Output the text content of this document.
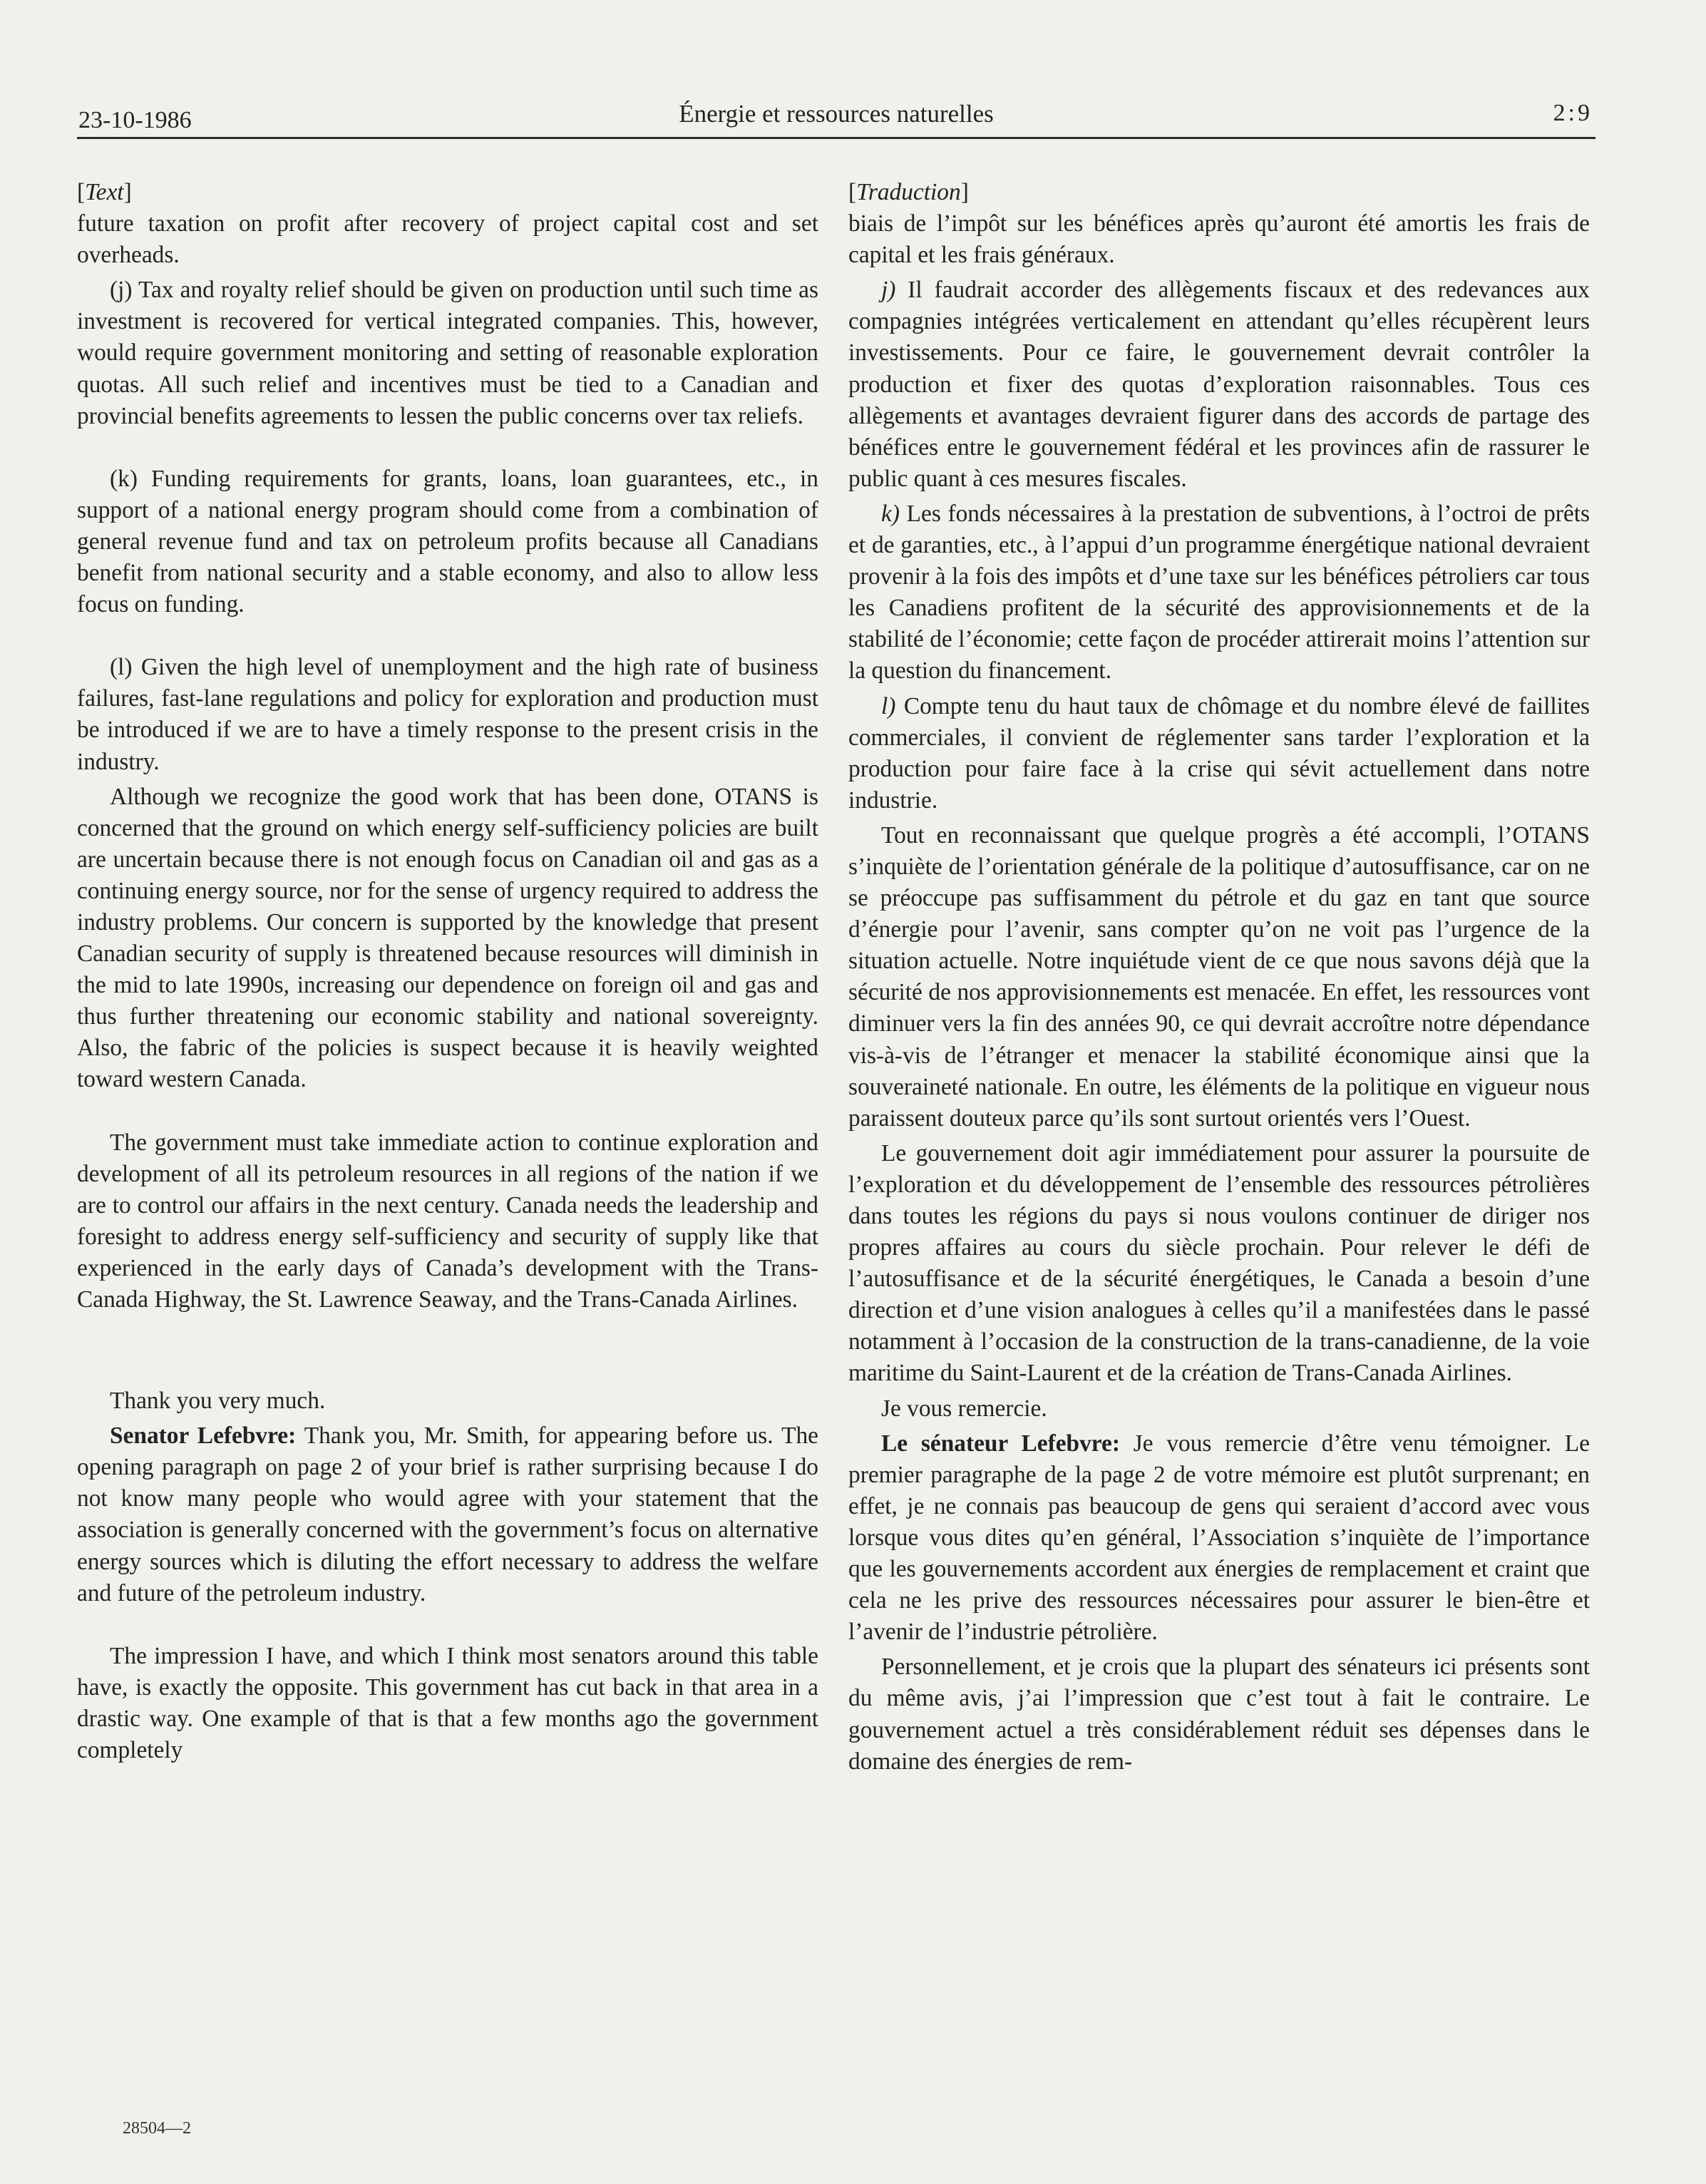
23-10-1986	Énergie et ressources naturelles	2:9

[Text]

future taxation on profit after recovery of project capital cost and set overheads.

(j) Tax and royalty relief should be given on production until such time as investment is recovered for vertical integrated companies. This, however, would require government monitoring and setting of reasonable exploration quotas. All such relief and incentives must be tied to a Canadian and provincial benefits agreements to lessen the public concerns over tax reliefs.

(k) Funding requirements for grants, loans, loan guarantees, etc., in support of a national energy program should come from a combination of general revenue fund and tax on petroleum profits because all Canadians benefit from national security and a stable economy, and also to allow less focus on funding.

(l) Given the high level of unemployment and the high rate of business failures, fast-lane regulations and policy for exploration and production must be introduced if we are to have a timely response to the present crisis in the industry.

Although we recognize the good work that has been done, OTANS is concerned that the ground on which energy self-sufficiency policies are built are uncertain because there is not enough focus on Canadian oil and gas as a continuing energy source, nor for the sense of urgency required to address the industry problems. Our concern is supported by the knowledge that present Canadian security of supply is threatened because resources will diminish in the mid to late 1990s, increasing our dependence on foreign oil and gas and thus further threatening our economic stability and national sovereignty. Also, the fabric of the policies is suspect because it is heavily weighted toward western Canada.

The government must take immediate action to continue exploration and development of all its petroleum resources in all regions of the nation if we are to control our affairs in the next century. Canada needs the leadership and foresight to address energy self-sufficiency and security of supply like that experienced in the early days of Canada’s development with the Trans-Canada Highway, the St. Lawrence Seaway, and the Trans-Canada Airlines.

Thank you very much.

Senator Lefebvre: Thank you, Mr. Smith, for appearing before us. The opening paragraph on page 2 of your brief is rather surprising because I do not know many people who would agree with your statement that the association is generally concerned with the government’s focus on alternative energy sources which is diluting the effort necessary to address the welfare and future of the petroleum industry.

The impression I have, and which I think most senators around this table have, is exactly the opposite. This government has cut back in that area in a drastic way. One example of that is that a few months ago the government completely

[Traduction]

biais de l’impôt sur les bénéfices après qu’auront été amortis les frais de capital et les frais généraux.

j) Il faudrait accorder des allègements fiscaux et des redevances aux compagnies intégrées verticalement en attendant qu’elles récupèrent leurs investissements. Pour ce faire, le gouvernement devrait contrôler la production et fixer des quotas d’exploration raisonnables. Tous ces allègements et avantages devraient figurer dans des accords de partage des bénéfices entre le gouvernement fédéral et les provinces afin de rassurer le public quant à ces mesures fiscales.

k) Les fonds nécessaires à la prestation de subventions, à l’octroi de prêts et de garanties, etc., à l’appui d’un programme énergétique national devraient provenir à la fois des impôts et d’une taxe sur les bénéfices pétroliers car tous les Canadiens profitent de la sécurité des approvisionnements et de la stabilité de l’économie; cette façon de procéder attirerait moins l’attention sur la question du financement.

l) Compte tenu du haut taux de chômage et du nombre élevé de faillites commerciales, il convient de réglementer sans tarder l’exploration et la production pour faire face à la crise qui sévit actuellement dans notre industrie.

Tout en reconnaissant que quelque progrès a été accompli, l’OTANS s’inquiète de l’orientation générale de la politique d’autosuffisance, car on ne se préoccupe pas suffisamment du pétrole et du gaz en tant que source d’énergie pour l’avenir, sans compter qu’on ne voit pas l’urgence de la situation actuelle. Notre inquiétude vient de ce que nous savons déjà que la sécurité de nos approvisionnements est menacée. En effet, les ressources vont diminuer vers la fin des années 90, ce qui devrait accroître notre dépendance vis-à-vis de l’étranger et menacer la stabilité économique ainsi que la souveraineté nationale. En outre, les éléments de la politique en vigueur nous paraissent douteux parce qu’ils sont surtout orientés vers l’Ouest.

Le gouvernement doit agir immédiatement pour assurer la poursuite de l’exploration et du développement de l’ensemble des ressources pétrolières dans toutes les régions du pays si nous voulons continuer de diriger nos propres affaires au cours du siècle prochain. Pour relever le défi de l’autosuffisance et de la sécurité énergétiques, le Canada a besoin d’une direction et d’une vision analogues à celles qu’il a manifestées dans le passé notamment à l’occasion de la construction de la trans-canadienne, de la voie maritime du Saint-Laurent et de la création de Trans-Canada Airlines.

Je vous remercie.

Le sénateur Lefebvre: Je vous remercie d’être venu témoigner. Le premier paragraphe de la page 2 de votre mémoire est plutôt surprenant; en effet, je ne connais pas beaucoup de gens qui seraient d’accord avec vous lorsque vous dites qu’en général, l’Association s’inquiète de l’importance que les gouvernements accordent aux énergies de remplacement et craint que cela ne les prive des ressources nécessaires pour assurer le bien-être et l’avenir de l’industrie pétrolière.

Personnellement, et je crois que la plupart des sénateurs ici présents sont du même avis, j’ai l’impression que c’est tout à fait le contraire. Le gouvernement actuel a très considérablement réduit ses dépenses dans le domaine des énergies de rem-

28504—2
